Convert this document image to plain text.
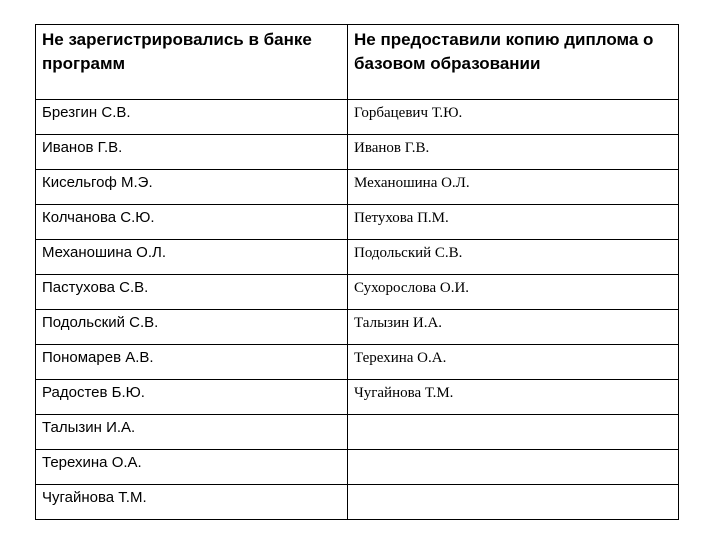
Не зарегистрировались в банке программ	Не предоставили копию диплома о базовом образовании
Брезгин С.В.	Горбацевич Т.Ю.
Иванов Г.В.	Иванов Г.В.
Кисельгоф М.Э.	Механошина О.Л.
Колчанова С.Ю.	Петухова П.М.
Механошина О.Л.	Подольский С.В.
Пастухова С.В.	Сухорослова О.И.
Подольский С.В.	Талызин И.А.
Пономарев А.В.	Терехина О.А.
Радостев Б.Ю.	Чугайнова Т.М.
Талызин И.А.	
Терехина О.А.	
Чугайнова Т.М.	
